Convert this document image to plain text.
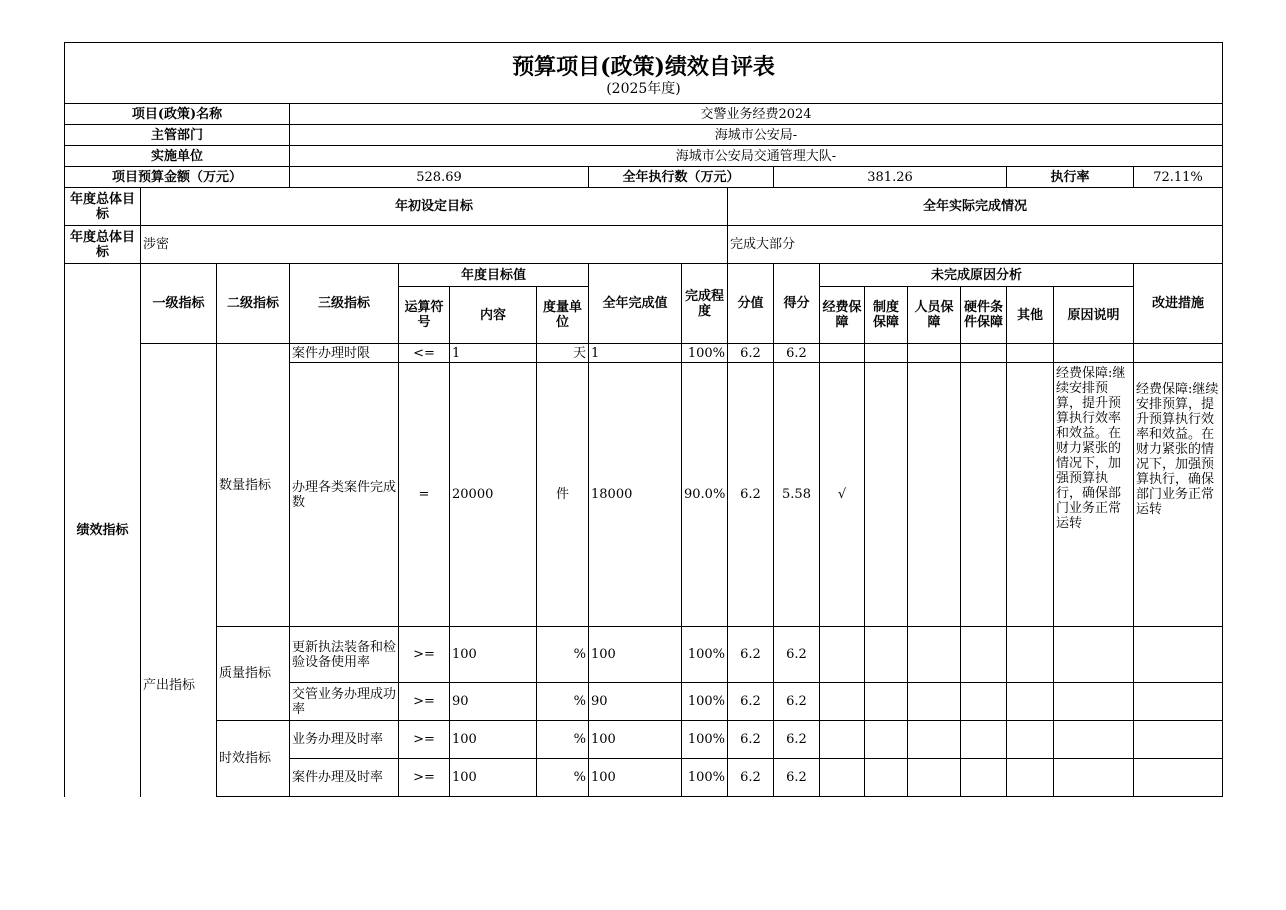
预算项目(政策)绩效自评表
(2025年度)																	

项目(政策)名称			交警业务经费2024														
主管部门			海城市公安局-														
实施单位			海城市公安局交通管理大队-														
项目预算金额（万元）			528.69				全年执行数（万元）			381.26					执行率		72.11%
年度总体目标	年初设定目标								全年实际完成情况								
年度总体目标	涉密								完成大部分								
绩效指标	一级指标	二级指标	三级指标	年度目标值			全年完成值	完成程度	分值	得分	未完成原因分析						改进措施
				运算符号	内容	度量单位					经费保障	制度保障	人员保障	硬件条件保障	其他	原因说明	
	产出指标	数量指标	案件办理时限	<=	1	天	1	100%	6.2	6.2							
			办理各类案件完成数	=	20000	件	18000	90.0%	6.2	5.58	√					经费保障:继续安排预算，提升预算执行效率和效益。在财力紧张的情况下，加强预算执行，确保部门业务正常运转	经费保障:继续安排预算，提升预算执行效率和效益。在财力紧张的情况下，加强预算执行，确保部门业务正常运转
		质量指标	更新执法装备和检验设备使用率	>=	100	%	100	100%	6.2	6.2							
			交管业务办理成功率	>=	90	%	90	100%	6.2	6.2							
		时效指标	业务办理及时率	>=	100	%	100	100%	6.2	6.2							
			案件办理及时率	>=	100	%	100	100%	6.2	6.2							
